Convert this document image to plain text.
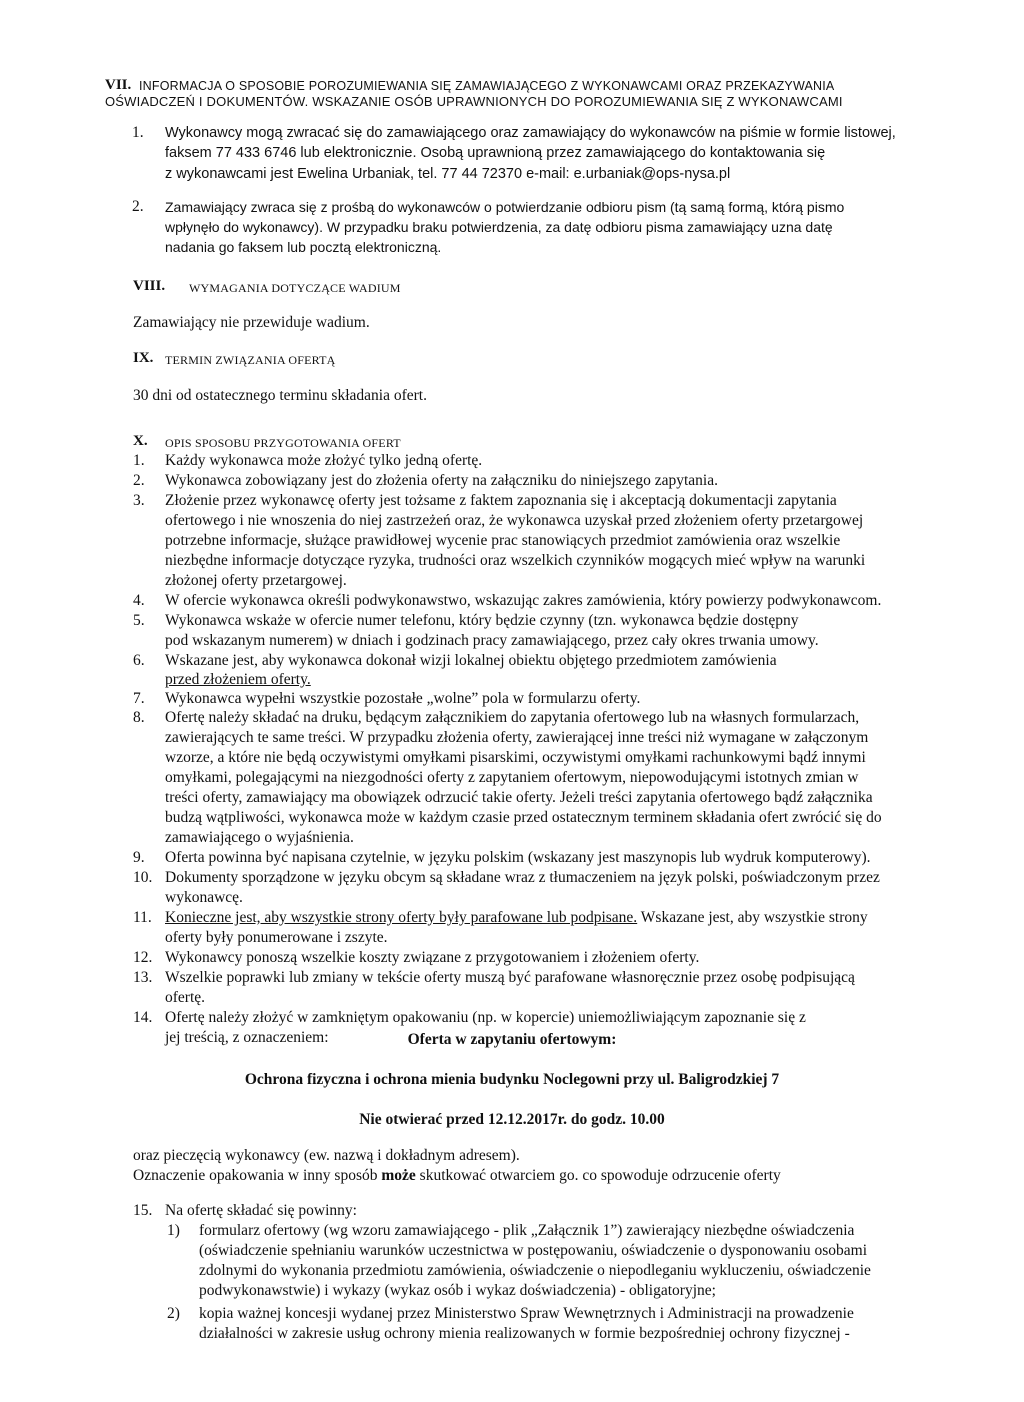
VII. INFORMACJA O SPOSOBIE POROZUMIEWANIA SIĘ ZAMAWIAJĄCEGO Z WYKONAWCAMI ORAZ PRZEKAZYWANIA
OŚWIADCZEŃ I DOKUMENTÓW. WSKAZANIE OSÓB UPRAWNIONYCH DO POROZUMIEWANIA SIĘ Z WYKONAWCAMI
1. Wykonawcy mogą zwracać się do zamawiającego oraz zamawiający do wykonawców na piśmie w formie listowej,
faksem 77 433 6746 lub elektronicznie. Osobą uprawnioną przez zamawiającego do kontaktowania się
z wykonawcami jest Ewelina Urbaniak, tel. 77 44 72370 e-mail: e.urbaniak@ops-nysa.pl
2. Zamawiający zwraca się z prośbą do wykonawców o potwierdzanie odbioru pism (tą samą formą, którą pismo
wpłynęło do wykonawcy). W przypadku braku potwierdzenia, za datę odbioru pisma zamawiający uzna datę
nadania go faksem lub pocztą elektroniczną.
VIII. WYMAGANIA DOTYCZĄCE WADIUM
Zamawiający nie przewiduje wadium.
IX. TERMIN ZWIĄZANIA OFERTĄ
30 dni od ostatecznego terminu składania ofert.
X. OPIS SPOSOBU PRZYGOTOWANIA OFERT
1. Każdy wykonawca może złożyć tylko jedną ofertę.
2. Wykonawca zobowiązany jest do złożenia oferty na załączniku do niniejszego zapytania.
3. Złożenie przez wykonawcę oferty jest tożsame z faktem zapoznania się i akceptacją dokumentacji zapytania
ofertowego i nie wnoszenia do niej zastrzeżeń oraz, że wykonawca uzyskał przed złożeniem oferty przetargowej
potrzebne informacje, służące prawidłowej wycenie prac stanowiących przedmiot zamówienia oraz wszelkie
niezbędne informacje dotyczące ryzyka, trudności oraz wszelkich czynników mogących mieć wpływ na warunki
złożonej oferty przetargowej.
4. W ofercie wykonawca określi podwykonawstwo, wskazując zakres zamówienia, który powierzy podwykonawcom.
5. Wykonawca wskaże w ofercie numer telefonu, który będzie czynny (tzn. wykonawca będzie dostępny
pod wskazanym numerem) w dniach i godzinach pracy zamawiającego, przez cały okres trwania umowy.
6. Wskazane jest, aby wykonawca dokonał wizji lokalnej obiektu objętego przedmiotem zamówienia
przed złożeniem oferty.
7. Wykonawca wypełni wszystkie pozostałe „wolne” pola w formularzu oferty.
8. Ofertę należy składać na druku, będącym załącznikiem do zapytania ofertowego lub na własnych formularzach,
zawierających te same treści. W przypadku złożenia oferty, zawierającej inne treści niż wymagane w załączonym
wzorze, a które nie będą oczywistymi omyłkami pisarskimi, oczywistymi omyłkami rachunkowymi bądź innymi
omyłkami, polegającymi na niezgodności oferty z zapytaniem ofertowym, niepowodującymi istotnych zmian w
treści oferty, zamawiający ma obowiązek odrzucić takie oferty. Jeżeli treści zapytania ofertowego bądź załącznika
budzą wątpliwości, wykonawca może w każdym czasie przed ostatecznym terminem składania ofert zwrócić się do
zamawiającego o wyjaśnienia.
9. Oferta powinna być napisana czytelnie, w języku polskim (wskazany jest maszynopis lub wydruk komputerowy).
10. Dokumenty sporządzone w języku obcym są składane wraz z tłumaczeniem na język polski, poświadczonym przez
wykonawcę.
11. Konieczne jest, aby wszystkie strony oferty były parafowane lub podpisane. Wskazane jest, aby wszystkie strony
oferty były ponumerowane i zszyte.
12. Wykonawcy ponoszą wszelkie koszty związane z przygotowaniem i złożeniem oferty.
13. Wszelkie poprawki lub zmiany w tekście oferty muszą być parafowane własnoręcznie przez osobę podpisującą
ofertę.
14. Ofertę należy złożyć w zamkniętym opakowaniu (np. w kopercie) uniemożliwiającym zapoznanie się z
jej treścią, z oznaczeniem:	Oferta w zapytaniu ofertowym:
Ochrona fizyczna i ochrona mienia budynku Noclegowni przy ul. Baligrodzkiej 7
Nie otwierać przed 12.12.2017r. do godz. 10.00
oraz pieczęcią wykonawcy (ew. nazwą i dokładnym adresem).
Oznaczenie opakowania w inny sposób może skutkować otwarciem go. co spowoduje odrzucenie oferty
15. Na ofertę składać się powinny:
1) formularz ofertowy (wg wzoru zamawiającego - plik „Załącznik 1”) zawierający niezbędne oświadczenia
(oświadczenie spełnianiu warunków uczestnictwa w postępowaniu, oświadczenie o dysponowaniu osobami
zdolnymi do wykonania przedmiotu zamówienia, oświadczenie o niepodleganiu wykluczeniu, oświadczenie
podwykonawstwie) i wykazy (wykaz osób i wykaz doświadczenia) - obligatoryjne;
2) kopia ważnej koncesji wydanej przez Ministerstwo Spraw Wewnętrznych i Administracji na prowadzenie
działalności w zakresie usług ochrony mienia realizowanych w formie bezpośredniej ochrony fizycznej -
